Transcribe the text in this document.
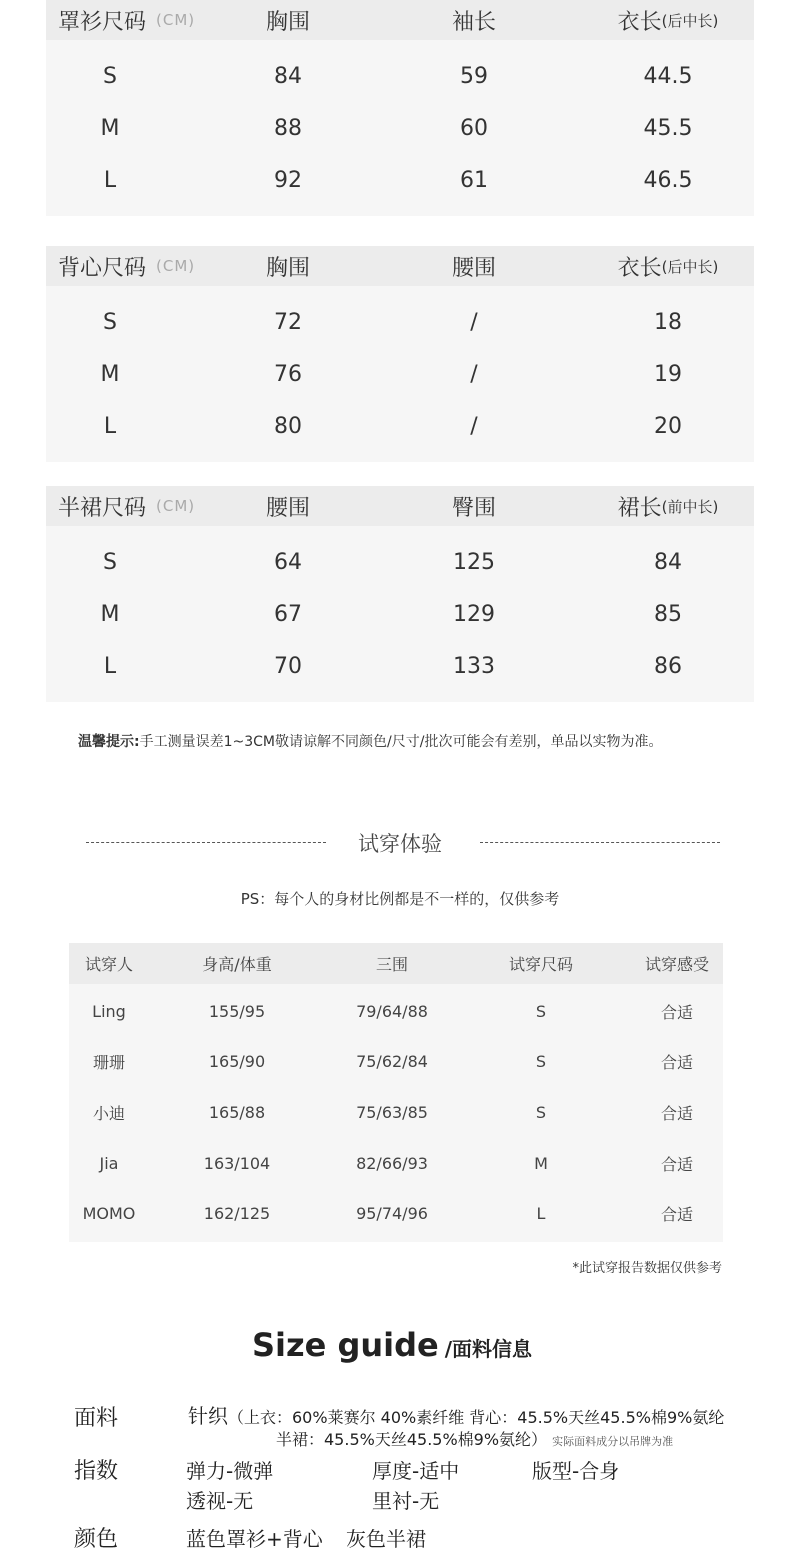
罩衫尺码 (CM)	胸围	袖长	衣长 (后中长)
S	84	59	44.5
M	88	60	45.5
L	92	61	46.5
背心尺码 (CM)	胸围	腰围	衣长 (后中长)
S	72	/	18
M	76	/	19
L	80	/	20
半裙尺码 (CM)	腰围	臀围	裙长 (前中长)
S	64	125	84
M	67	129	85
L	70	133	86
温馨提示:手工测量误差1~3CM敬请谅解不同颜色/尺寸/批次可能会有差别，单品以实物为准。
试穿体验
PS：每个人的身材比例都是不一样的，仅供参考
试穿人	身高/体重	三围	试穿尺码	试穿感受
Ling	155/95	79/64/88	S	合适
珊珊	165/90	75/62/84	S	合适
小迪	165/88	75/63/85	S	合适
Jia	163/104	82/66/93	M	合适
MOMO	162/125	95/74/96	L	合适
*此试穿报告数据仅供参考
Size guide /面料信息
面料	针织（上衣：60%莱赛尔 40%素纤维 背心：45.5%天丝45.5%棉9%氨纶
半裙：45.5%天丝45.5%棉9%氨纶） 实际面料成分以吊牌为准
指数	弹力-微弹	厚度-适中	版型-合身
透视-无	里衬-无
颜色	蓝色罩衫+背心 灰色半裙
